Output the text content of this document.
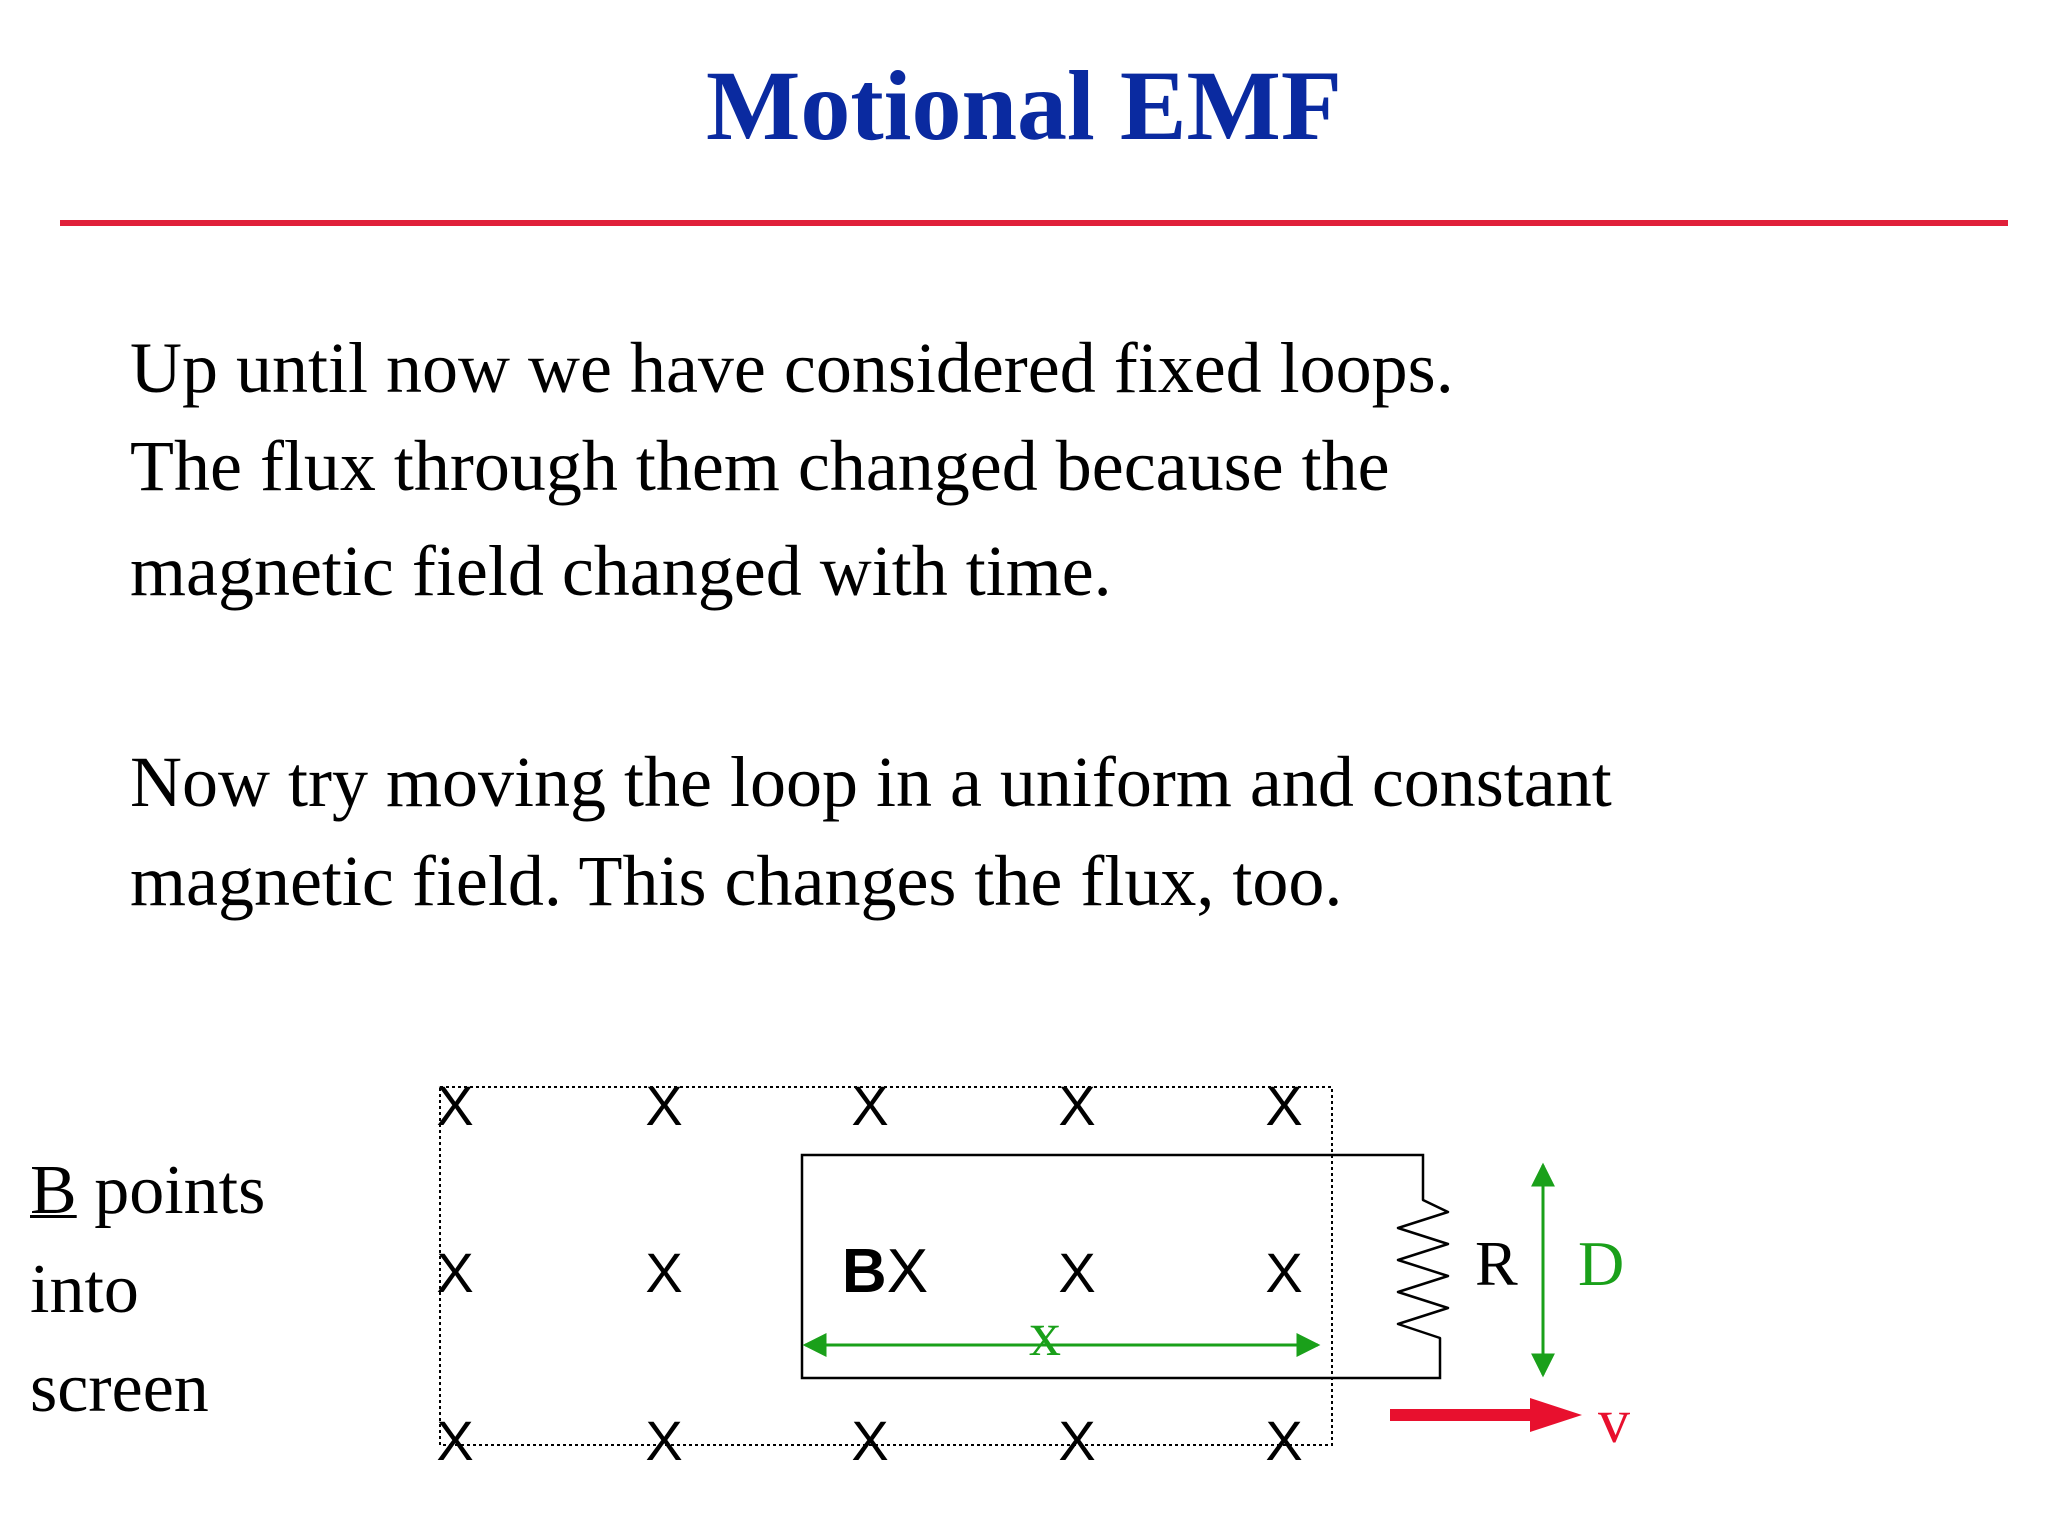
Motional EMF
Up until now we have considered fixed loops.
The flux through them changed because the
magnetic field changed with time.
Now try moving the loop in a uniform and constant
magnetic field. This changes the flux, too.
B points
into
screen
X	X	X	X	X
X	X	BX X	X
X	X	X	X	X
R D
x
v
